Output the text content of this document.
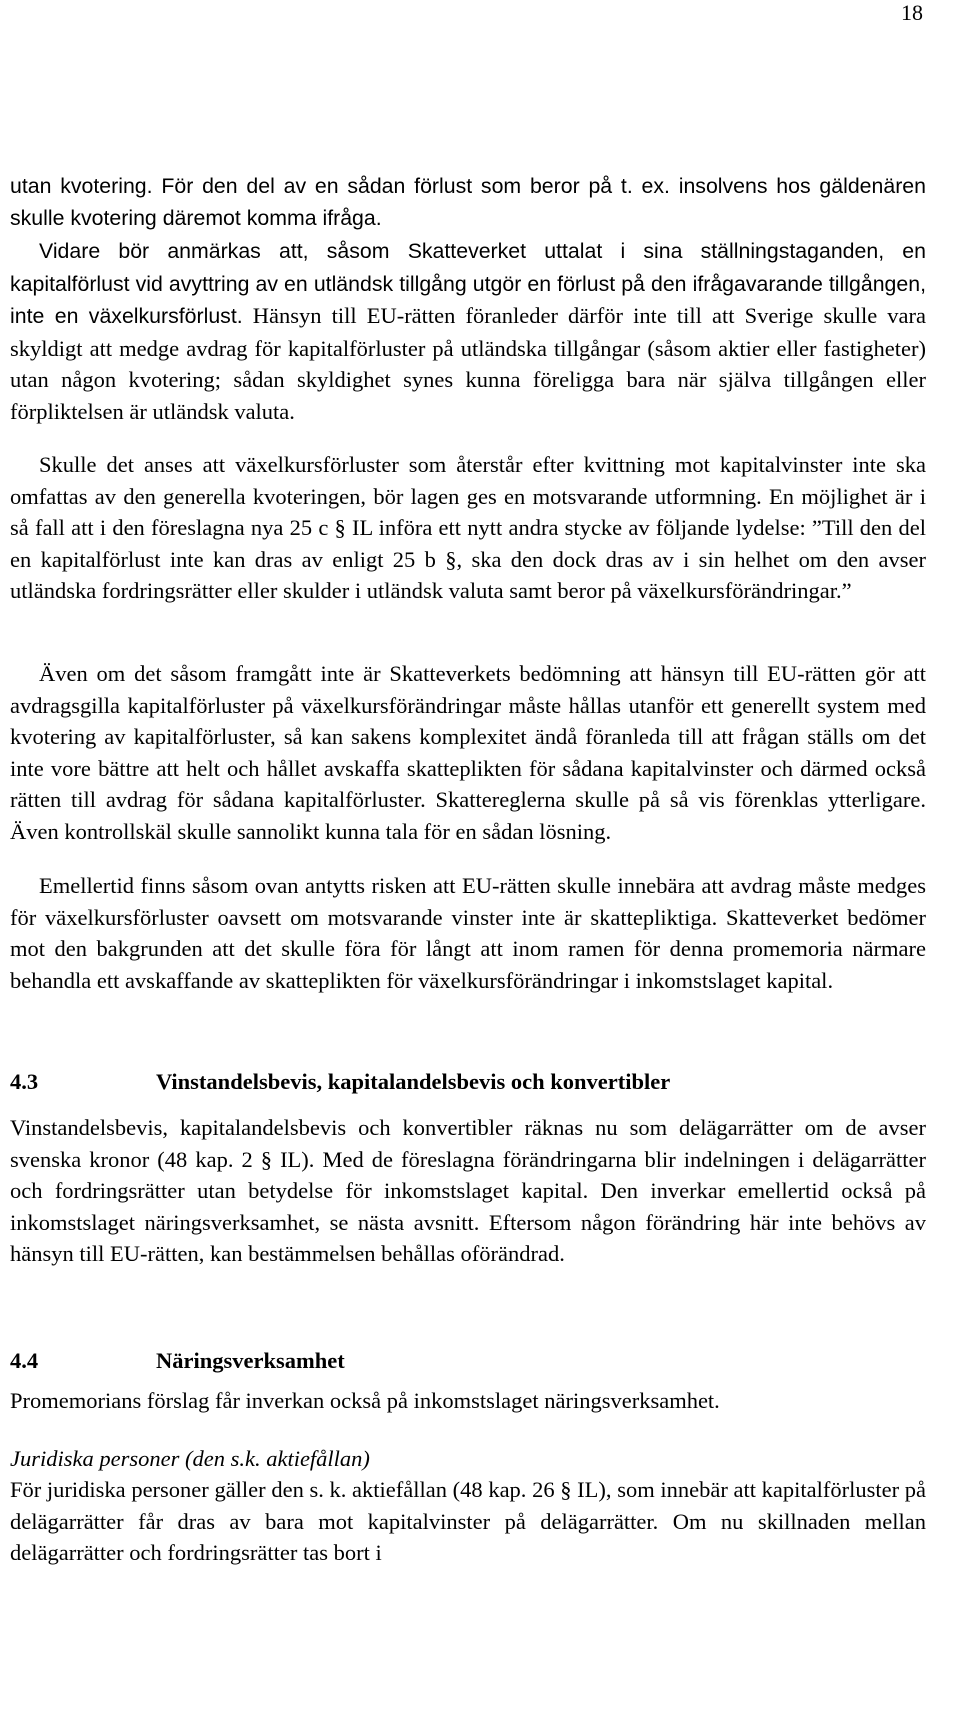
18

utan kvotering. För den del av en sådan förlust som beror på t. ex. insolvens hos gäldenären skulle kvotering däremot komma ifråga.

Vidare bör anmärkas att, såsom Skatteverket uttalat i sina ställningstaganden, en kapitalförlust vid avyttring av en utländsk tillgång utgör en förlust på den ifrågavarande tillgången, inte en växelkursförlust. Hänsyn till EU-rätten föranleder därför inte till att Sverige skulle vara skyldigt att medge avdrag för kapitalförluster på utländska tillgångar (såsom aktier eller fastigheter) utan någon kvotering; sådan skyldighet synes kunna föreligga bara när själva tillgången eller förpliktelsen är utländsk valuta.

Skulle det anses att växelkursförluster som återstår efter kvittning mot kapitalvinster inte ska omfattas av den generella kvoteringen, bör lagen ges en motsvarande utformning. En möjlighet är i så fall att i den föreslagna nya 25 c § IL införa ett nytt andra stycke av följande lydelse: ”Till den del en kapitalförlust inte kan dras av enligt 25 b §, ska den dock dras av i sin helhet om den avser utländska fordringsrätter eller skulder i utländsk valuta samt beror på växelkursförändringar.”

Även om det såsom framgått inte är Skatteverkets bedömning att hänsyn till EU-rätten gör att avdragsgilla kapitalförluster på växelkursförändringar måste hållas utanför ett generellt system med kvotering av kapitalförluster, så kan sakens komplexitet ändå föranleda till att frågan ställs om det inte vore bättre att helt och hållet avskaffa skatteplikten för sådana kapitalvinster och därmed också rätten till avdrag för sådana kapitalförluster. Skattereglerna skulle på så vis förenklas ytterligare. Även kontrollskäl skulle sannolikt kunna tala för en sådan lösning.

Emellertid finns såsom ovan antytts risken att EU-rätten skulle innebära att avdrag måste medges för växelkursförluster oavsett om motsvarande vinster inte är skattepliktiga. Skatteverket bedömer mot den bakgrunden att det skulle föra för långt att inom ramen för denna promemoria närmare behandla ett avskaffande av skatteplikten för växelkursförändringar i inkomstslaget kapital.

4.3	Vinstandelsbevis, kapitalandelsbevis och konvertibler

Vinstandelsbevis, kapitalandelsbevis och konvertibler räknas nu som delägarrätter om de avser svenska kronor (48 kap. 2 § IL). Med de föreslagna förändringarna blir indelningen i delägarrätter och fordringsrätter utan betydelse för inkomstslaget kapital. Den inverkar emellertid också på inkomstslaget näringsverksamhet, se nästa avsnitt. Eftersom någon förändring här inte behövs av hänsyn till EU-rätten, kan bestämmelsen behållas oförändrad.

4.4	Näringsverksamhet

Promemorians förslag får inverkan också på inkomstslaget näringsverksamhet.

Juridiska personer (den s.k. aktiefållan)

För juridiska personer gäller den s. k. aktiefållan (48 kap. 26 § IL), som innebär att kapitalförluster på delägarrätter får dras av bara mot kapitalvinster på delägarrätter. Om nu skillnaden mellan delägarrätter och fordringsrätter tas bort i
